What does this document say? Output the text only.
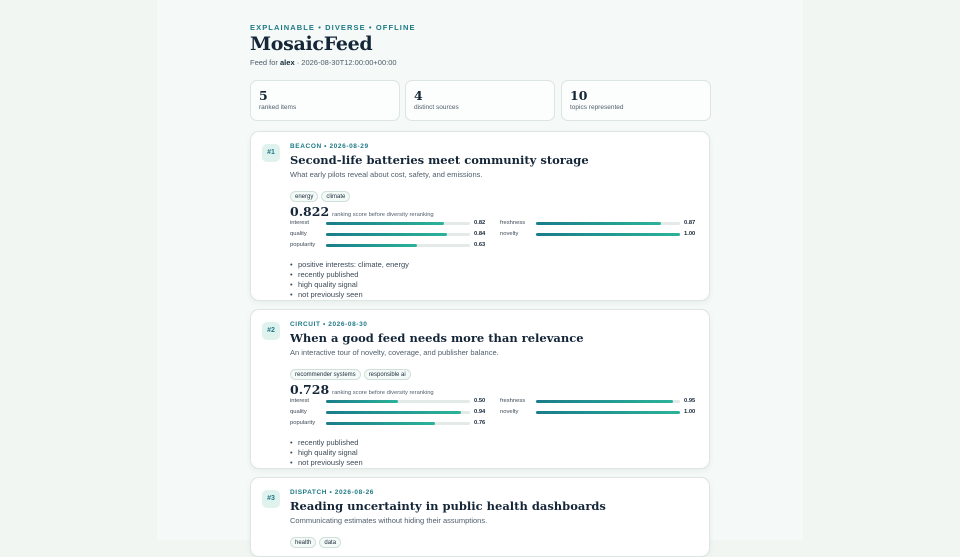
EXPLAINABLE • DIVERSE • OFFLINE
MosaicFeed
Feed for alex · 2026-08-30T12:00:00+00:00
5
ranked items
4
distinct sources
10
topics represented
#1
BEACON • 2026-08-29
Second-life batteries meet community storage
What early pilots reveal about cost, safety, and emissions.
energy climate
0.822 ranking score before diversity reranking
interest	0.82
quality	0.84
popularity	0.63
freshness	0.87
novelty	1.00
• positive interests: climate, energy
• recently published
• high quality signal
• not previously seen
#2
CIRCUIT • 2026-08-30
When a good feed needs more than relevance
An interactive tour of novelty, coverage, and publisher balance.
recommender systems responsible ai
0.728 ranking score before diversity reranking
interest	0.50
quality	0.94
popularity	0.76
freshness	0.95
novelty	1.00
• recently published
• high quality signal
• not previously seen
#3
DISPATCH • 2026-08-26
Reading uncertainty in public health dashboards
Communicating estimates without hiding their assumptions.
health data
